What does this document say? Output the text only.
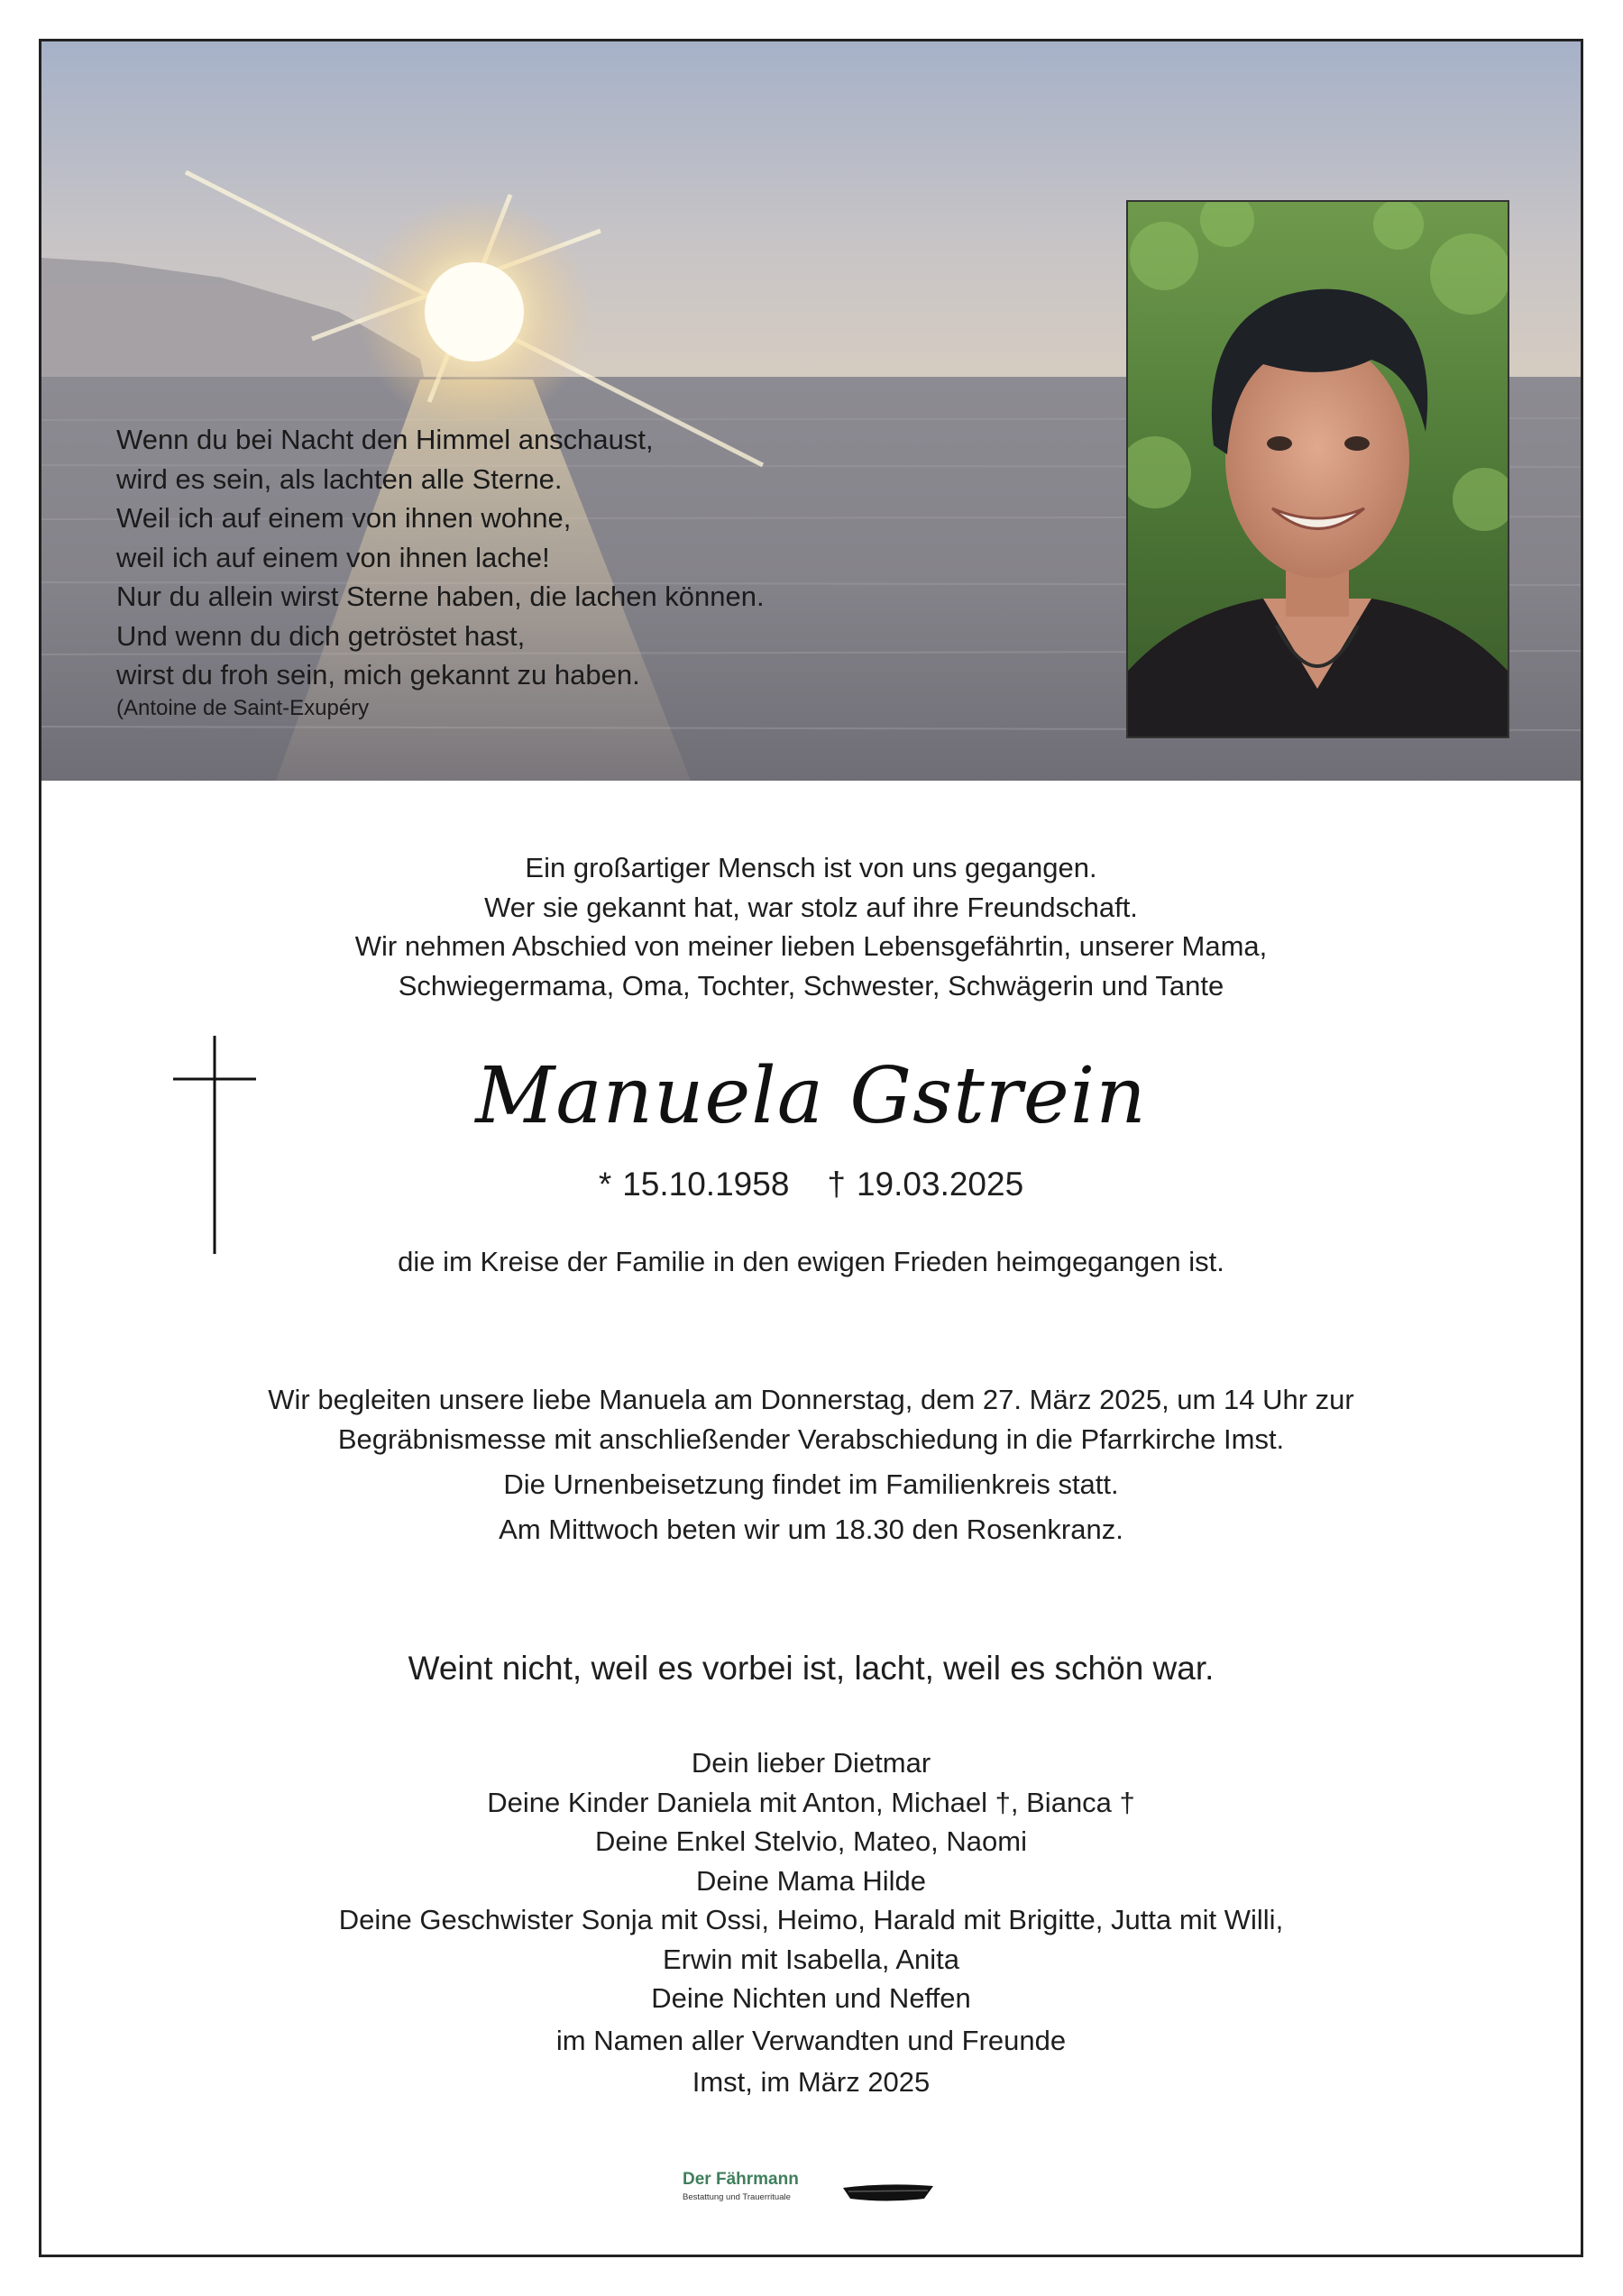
Wenn du bei Nacht den Himmel anschaust,
wird es sein, als lachten alle Sterne.
Weil ich auf einem von ihnen wohne,
weil ich auf einem von ihnen lache!
Nur du allein wirst Sterne haben, die lachen können.
Und wenn du dich getröstet hast,
wirst du froh sein, mich gekannt zu haben.
(Antoine de Saint-Exupéry
Ein großartiger Mensch ist von uns gegangen.
Wer sie gekannt hat, war stolz auf ihre Freundschaft.
Wir nehmen Abschied von meiner lieben Lebensgefährtin, unserer Mama,
Schwiegermama, Oma, Tochter, Schwester, Schwägerin und Tante
Manuela Gstrein
* 15.10.1958 † 19.03.2025
die im Kreise der Familie in den ewigen Frieden heimgegangen ist.
Wir begleiten unsere liebe Manuela am Donnerstag, dem 27. März 2025, um 14 Uhr zur
Begräbnismesse mit anschließender Verabschiedung in die Pfarrkirche Imst.
Die Urnenbeisetzung findet im Familienkreis statt.
Am Mittwoch beten wir um 18.30 den Rosenkranz.
Weint nicht, weil es vorbei ist, lacht, weil es schön war.
Dein lieber Dietmar
Deine Kinder Daniela mit Anton, Michael †, Bianca †
Deine Enkel Stelvio, Mateo, Naomi
Deine Mama Hilde
Deine Geschwister Sonja mit Ossi, Heimo, Harald mit Brigitte, Jutta mit Willi,
Erwin mit Isabella, Anita
Deine Nichten und Neffen
im Namen aller Verwandten und Freunde
Imst, im März 2025
Der Fährmann
Bestattung und Trauerrituale
